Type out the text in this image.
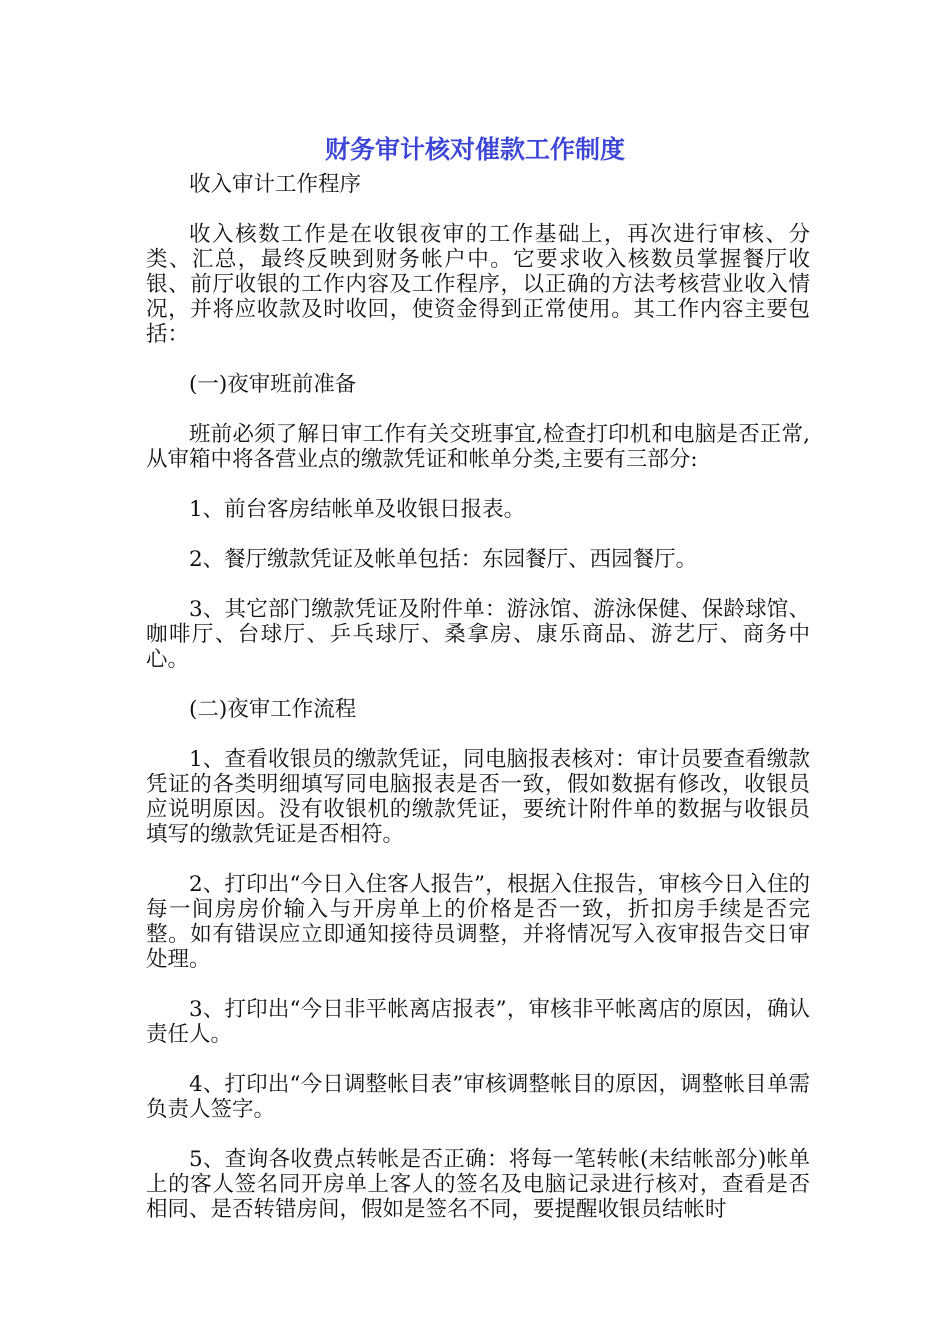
财务审计核对催款工作制度

收入审计工作程序

收入核数工作是在收银夜审的工作基础上，再次进行审核、分类、汇总，最终反映到财务帐户中。它要求收入核数员掌握餐厅收银、前厅收银的工作内容及工作程序，以正确的方法考核营业收入情况，并将应收款及时收回，使资金得到正常使用。其工作内容主要包括：

(一)夜审班前准备

班前必须了解日审工作有关交班事宜,检查打印机和电脑是否正常,从审箱中将各营业点的缴款凭证和帐单分类,主要有三部分:

1、前台客房结帐单及收银日报表。

2、餐厅缴款凭证及帐单包括：东园餐厅、西园餐厅。

3、其它部门缴款凭证及附件单：游泳馆、游泳保健、保龄球馆、咖啡厅、台球厅、乒乓球厅、桑拿房、康乐商品、游艺厅、商务中心。

(二)夜审工作流程

1、查看收银员的缴款凭证，同电脑报表核对：审计员要查看缴款凭证的各类明细填写同电脑报表是否一致，假如数据有修改，收银员应说明原因。没有收银机的缴款凭证，要统计附件单的数据与收银员填写的缴款凭证是否相符。

2、打印出“今日入住客人报告”，根据入住报告，审核今日入住的每一间房房价输入与开房单上的价格是否一致，折扣房手续是否完整。如有错误应立即通知接待员调整，并将情况写入夜审报告交日审处理。

3、打印出“今日非平帐离店报表”，审核非平帐离店的原因，确认责任人。

4、打印出“今日调整帐目表”审核调整帐目的原因，调整帐目单需负责人签字。

5、查询各收费点转帐是否正确：将每一笔转帐(未结帐部分)帐单上的客人签名同开房单上客人的签名及电脑记录进行核对，查看是否相同、是否转错房间，假如是签名不同，要提醒收银员结帐时
